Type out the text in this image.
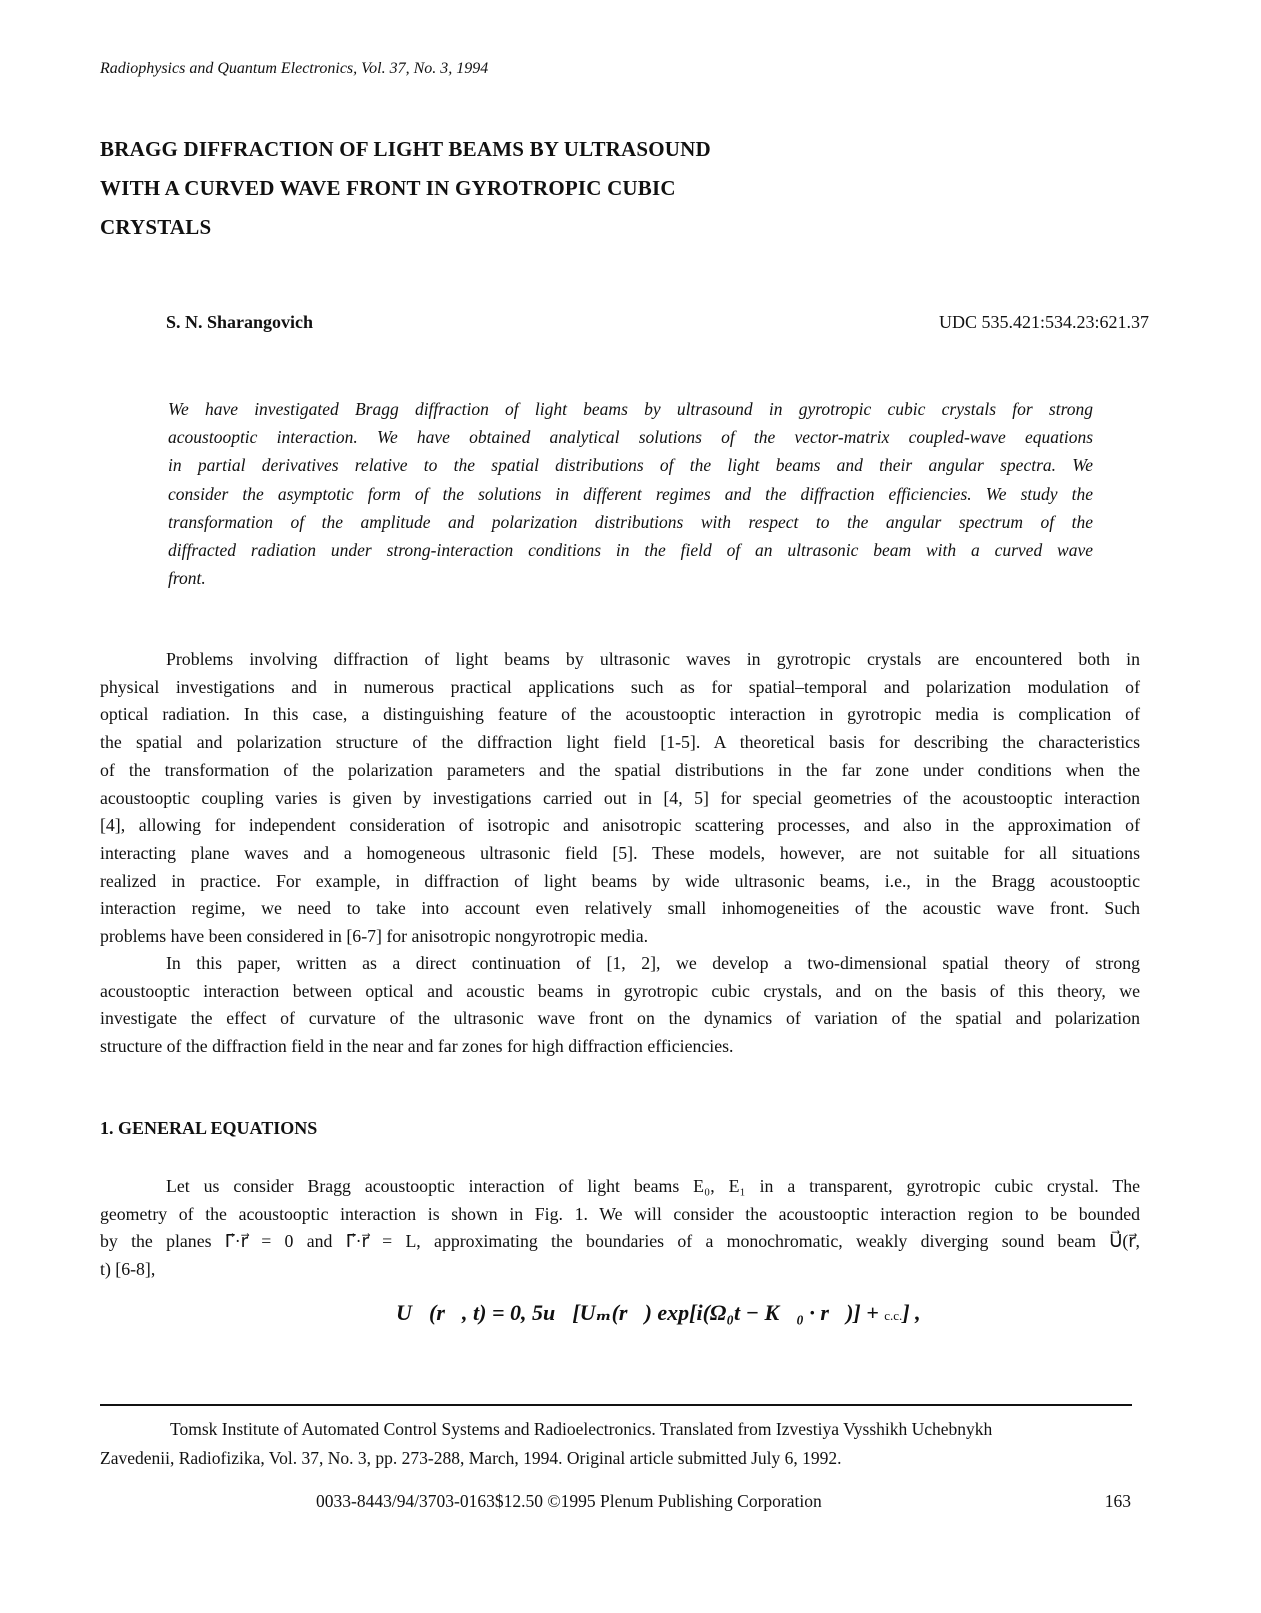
Radiophysics and Quantum Electronics, Vol. 37, No. 3, 1994
BRAGG DIFFRACTION OF LIGHT BEAMS BY ULTRASOUND
WITH A CURVED WAVE FRONT IN GYROTROPIC CUBIC
CRYSTALS
S. N. Sharangovich	UDC 535.421:534.23:621.37
We have investigated Bragg diffraction of light beams by ultrasound in gyrotropic cubic crystals for strong
acoustooptic interaction. We have obtained analytical solutions of the vector-matrix coupled-wave equations
in partial derivatives relative to the spatial distributions of the light beams and their angular spectra. We
consider the asymptotic form of the solutions in different regimes and the diffraction efficiencies. We study the
transformation of the amplitude and polarization distributions with respect to the angular spectrum of the
diffracted radiation under strong-interaction conditions in the field of an ultrasonic beam with a curved wave
front.
Problems involving diffraction of light beams by ultrasonic waves in gyrotropic crystals are encountered both in
physical investigations and in numerous practical applications such as for spatial–temporal and polarization modulation of
optical radiation. In this case, a distinguishing feature of the acoustooptic interaction in gyrotropic media is complication of
the spatial and polarization structure of the diffraction light field [1-5]. A theoretical basis for describing the characteristics
of the transformation of the polarization parameters and the spatial distributions in the far zone under conditions when the
acoustooptic coupling varies is given by investigations carried out in [4, 5] for special geometries of the acoustooptic interaction
[4], allowing for independent consideration of isotropic and anisotropic scattering processes, and also in the approximation of
interacting plane waves and a homogeneous ultrasonic field [5]. These models, however, are not suitable for all situations
realized in practice. For example, in diffraction of light beams by wide ultrasonic beams, i.e., in the Bragg acoustooptic
interaction regime, we need to take into account even relatively small inhomogeneities of the acoustic wave front. Such
problems have been considered in [6-7] for anisotropic nongyrotropic media.
In this paper, written as a direct continuation of [1, 2], we develop a two-dimensional spatial theory of strong
acoustooptic interaction between optical and acoustic beams in gyrotropic cubic crystals, and on the basis of this theory, we
investigate the effect of curvature of the ultrasonic wave front on the dynamics of variation of the spatial and polarization
structure of the diffraction field in the near and far zones for high diffraction efficiencies.
1. GENERAL EQUATIONS
Let us consider Bragg acoustooptic interaction of light beams E₀, E₁ in a transparent, gyrotropic cubic crystal. The
geometry of the acoustooptic interaction is shown in Fig. 1. We will consider the acoustooptic interaction region to be bounded
by the planes Γ⃗·r⃗ = 0 and Γ⃗·r⃗ = L, approximating the boundaries of a monochromatic, weakly diverging sound beam U⃗(r⃗,
t) [6-8],
U⃗(r⃗, t) = 0, 5u⃗[Uₘ(r⃗) exp[i(Ω₀t − K⃗₀ · r⃗)] + c.c.] ,
Tomsk Institute of Automated Control Systems and Radioelectronics. Translated from Izvestiya Vysshikh Uchebnykh
Zavedenii, Radiofizika, Vol. 37, No. 3, pp. 273-288, March, 1994. Original article submitted July 6, 1992.
0033-8443/94/3703-0163$12.50 ©1995 Plenum Publishing Corporation	163
